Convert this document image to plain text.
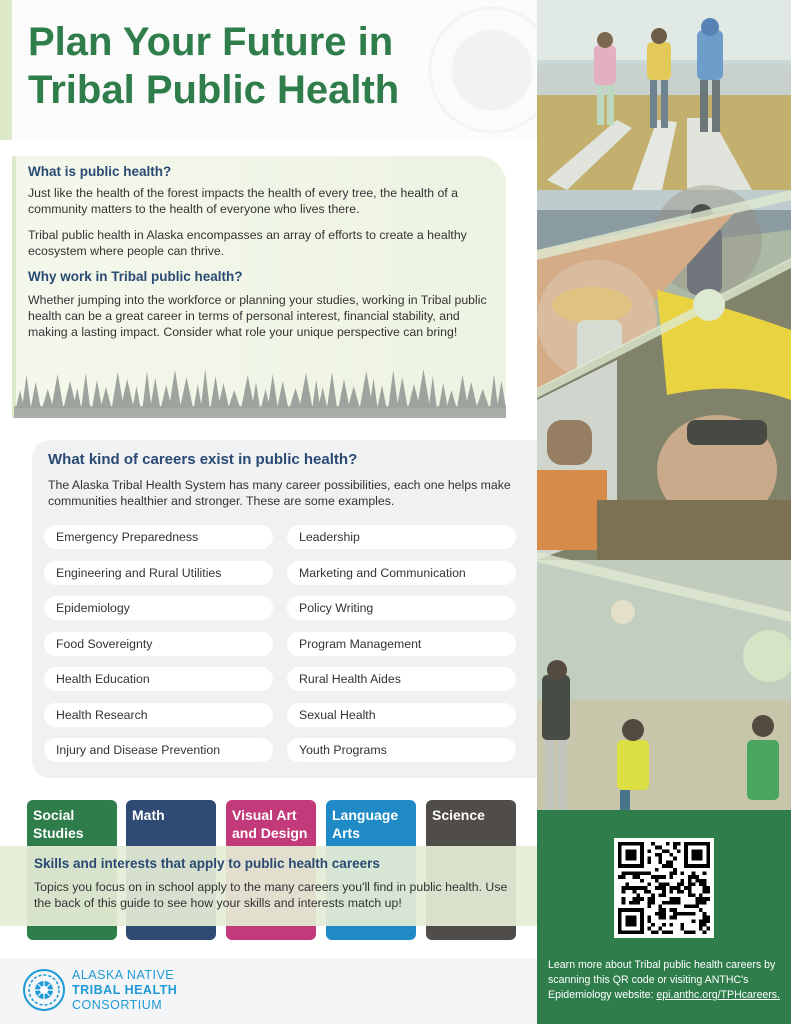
Plan Your Future in Tribal Public Health
What is public health?

Just like the health of the forest impacts the health of every tree, the health of a community matters to the health of everyone who lives there.

Tribal public health in Alaska encompasses an array of efforts to create a healthy ecosystem where people can thrive.

Why work in Tribal public health?

Whether jumping into the workforce or planning your studies, working in Tribal public health can be a great career in terms of personal interest, financial stability, and making a lasting impact. Consider what role your unique perspective can bring!

What kind of careers exist in public health?

The Alaska Tribal Health System has many career possibilities, each one helps make communities healthier and stronger. These are some examples.

Emergency Preparedness
Engineering and Rural Utilities
Epidemiology
Food Sovereignty
Health Education
Health Research
Injury and Disease Prevention
Leadership
Marketing and Communication
Policy Writing
Program Management
Rural Health Aides
Sexual Health
Youth Programs
Social Studies
Math	Visual Art and Design
Language Arts
Science
Skills and interests that apply to public health careers

Topics you focus on in school apply to the many careers you'll find in public health. Use the back of this guide to see how your skills and interests match up!

ALASKA NATIVE
TRIBAL HEALTH
CONSORTIUM

Learn more about Tribal public health careers by scanning this QR code or visiting ANTHC's Epidemiology website: epi.anthc.org/TPHcareers.
